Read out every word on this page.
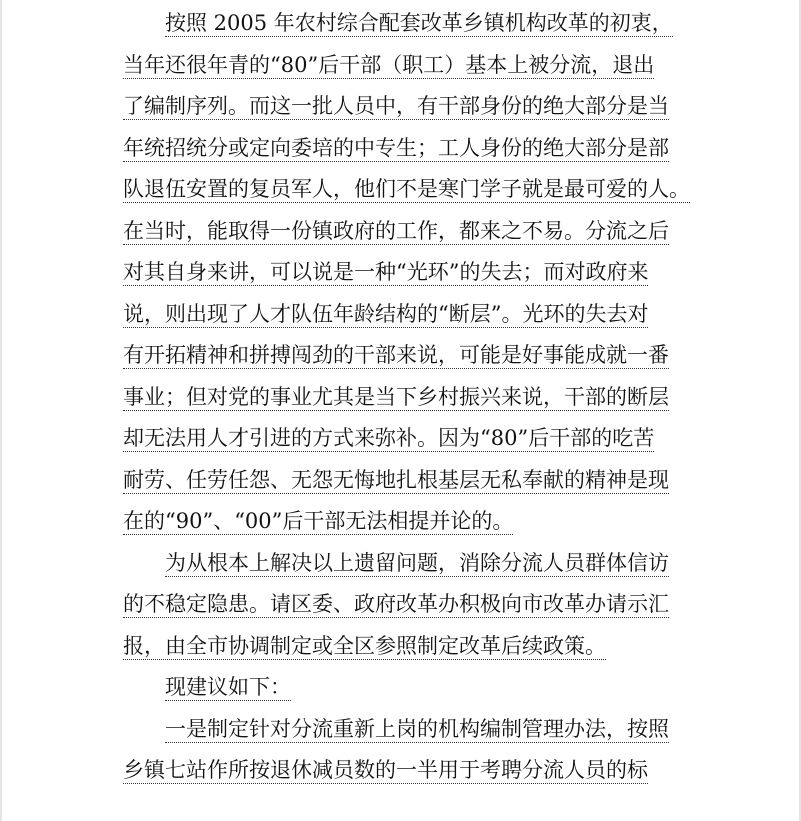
按照 2005 年农村综合配套改革乡镇机构改革的初衷，
当年还很年青的“80”后干部（职工）基本上被分流，退出
了编制序列。而这一批人员中，有干部身份的绝大部分是当
年统招统分或定向委培的中专生；工人身份的绝大部分是部
队退伍安置的复员军人，他们不是寒门学子就是最可爱的人。
在当时，能取得一份镇政府的工作，都来之不易。分流之后
对其自身来讲，可以说是一种“光环”的失去；而对政府来
说，则出现了人才队伍年龄结构的“断层”。光环的失去对
有开拓精神和拼搏闯劲的干部来说，可能是好事能成就一番
事业；但对党的事业尤其是当下乡村振兴来说，干部的断层
却无法用人才引进的方式来弥补。因为“80”后干部的吃苦
耐劳、任劳任怨、无怨无悔地扎根基层无私奉献的精神是现
在的“90”、“00”后干部无法相提并论的。
为从根本上解决以上遗留问题，消除分流人员群体信访
的不稳定隐患。请区委、政府改革办积极向市改革办请示汇
报，由全市协调制定或全区参照制定改革后续政策。
现建议如下：
一是制定针对分流重新上岗的机构编制管理办法，按照
乡镇七站作所按退休减员数的一半用于考聘分流人员的标
